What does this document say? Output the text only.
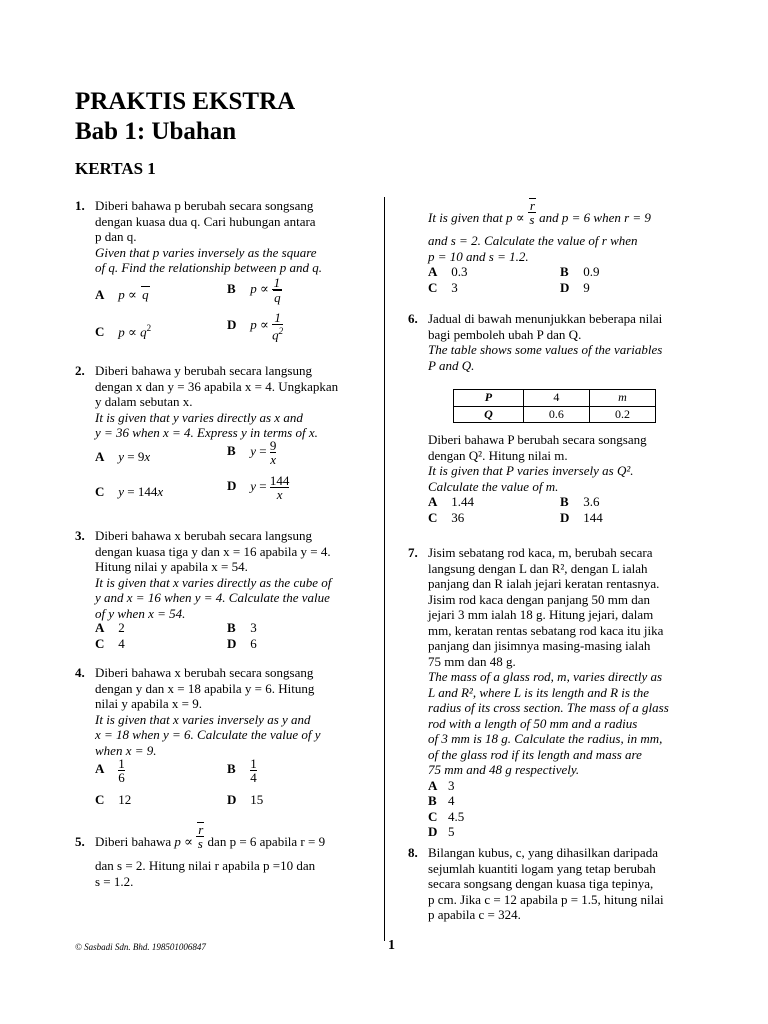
PRAKTIS EKSTRA
Bab 1: Ubahan
KERTAS 1
1. Diberi bahawa p berubah secara songsang
dengan kuasa dua q. Cari hubungan antara
p dan q.
Given that p varies inversely as the square
of q. Find the relationship between p and q.
A p ∝ q	B $p \propto \frac{1}{q}$
C $p \propto q^2$	D $p \propto \frac{1}{q^2}$
2. Diberi bahawa y berubah secara langsung
dengan x dan y = 36 apabila x = 4. Ungkapkan
y dalam sebutan x.
It is given that y varies directly as x and
y = 36 when x = 4. Express y in terms of x.
A y = 9x	B $y = \frac{9}{x}$
C y = 144x	D $y = \frac{144}{x}$
3. Diberi bahawa x berubah secara langsung
dengan kuasa tiga y dan x = 16 apabila y = 4.
Hitung nilai y apabila x = 54.
It is given that x varies directly as the cube of
y and x = 16 when y = 4. Calculate the value
of y when x = 54.
A 2	B 3
C 4	D 6
4. Diberi bahawa x berubah secara songsang
dengan y dan x = 18 apabila y = 6. Hitung
nilai y apabila x = 9.
It is given that x varies inversely as y and
x = 18 when y = 6. Calculate the value of y
when x = 9.
A $\frac{1}{6}$	B $\frac{1}{4}$
C 12	D 15
5. Diberi bahawa $p \propto \frac{r}{s}$ dan p = 6 apabila r = 9
dan s = 2. Hitung nilai r apabila p =10 dan
s = 1.2.
It is given that $p \propto \frac{r}{s}$ and p = 6 when r = 9
and s = 2. Calculate the value of r when
p = 10 and s = 1.2.
A 0.3	B 0.9
C 3	D 9
6. Jadual di bawah menunjukkan beberapa nilai
bagi pemboleh ubah P dan Q.
The table shows some values of the variables
P and Q.
P	4	m
Q	0.6	0.2
Diberi bahawa P berubah secara songsang
dengan Q². Hitung nilai m.
It is given that P varies inversely as Q².
Calculate the value of m.
A 1.44	B 3.6
C 36	D 144
7. Jisim sebatang rod kaca, m, berubah secara
langsung dengan L dan R², dengan L ialah
panjang dan R ialah jejari keratan rentasnya.
Jisim rod kaca dengan panjang 50 mm dan
jejari 3 mm ialah 18 g. Hitung jejari, dalam
mm, keratan rentas sebatang rod kaca itu jika
panjang dan jisimnya masing-masing ialah
75 mm dan 48 g.
The mass of a glass rod, m, varies directly as
L and R², where L is its length and R is the
radius of its cross section. The mass of a glass
rod with a length of 50 mm and a radius
of 3 mm is 18 g. Calculate the radius, in mm,
of the glass rod if its length and mass are
75 mm and 48 g respectively.
A 3
B 4
C 4.5
D 5
8. Bilangan kubus, c, yang dihasilkan daripada
sejumlah kuantiti logam yang tetap berubah
secara songsang dengan kuasa tiga tepinya,
p cm. Jika c = 12 apabila p = 1.5, hitung nilai
p apabila c = 324.
© Sasbadi Sdn. Bhd. 198501006847	1
